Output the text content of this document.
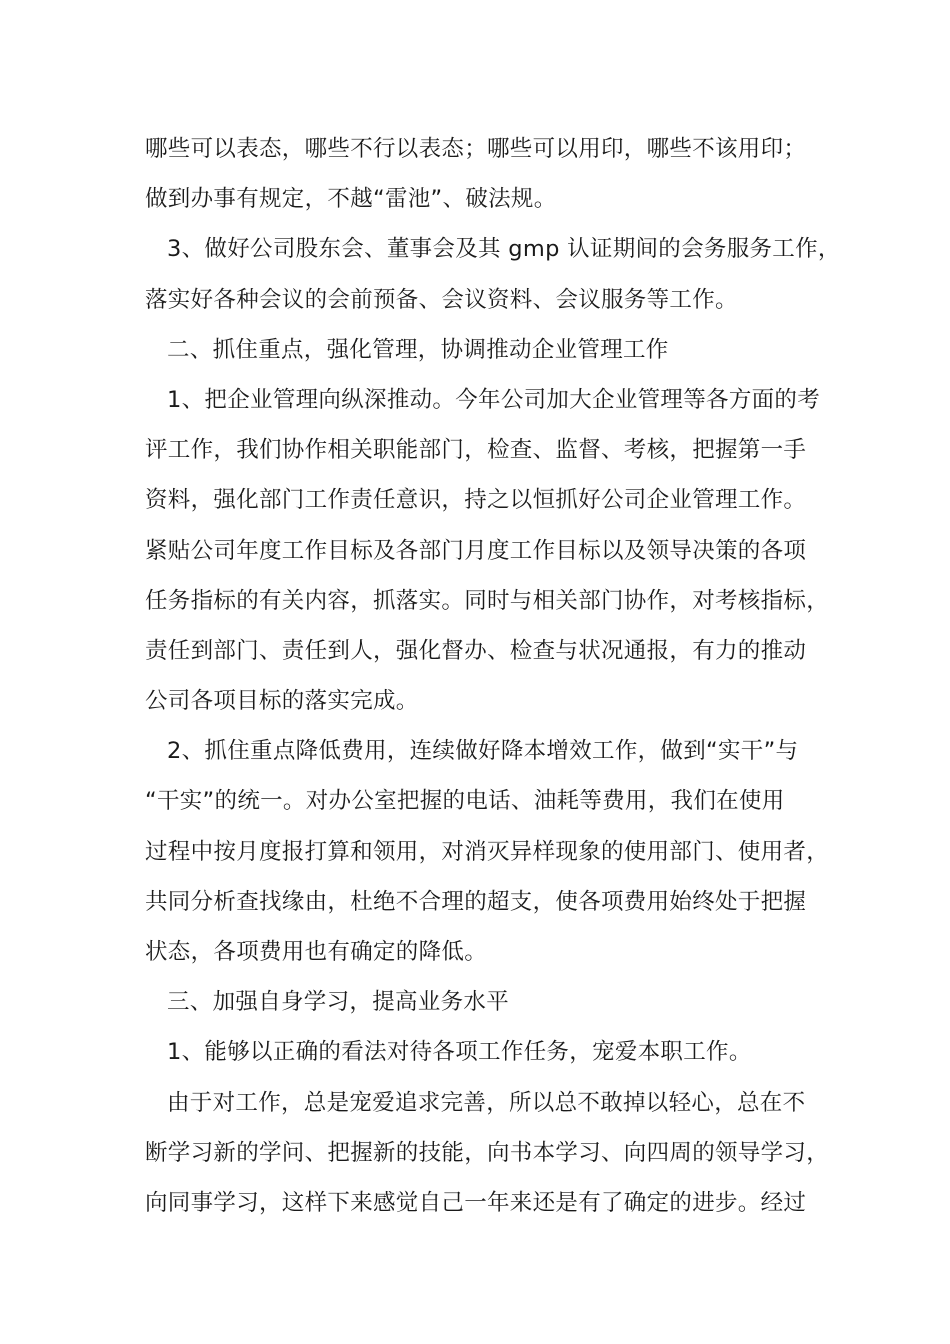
哪些可以表态，哪些不行以表态；哪些可以用印，哪些不该用印；
做到办事有规定，不越“雷池”、破法规。
3、做好公司股东会、董事会及其 gmp 认证期间的会务服务工作，
落实好各种会议的会前预备、会议资料、会议服务等工作。
二、抓住重点，强化管理，协调推动企业管理工作
1、把企业管理向纵深推动。今年公司加大企业管理等各方面的考
评工作，我们协作相关职能部门，检查、监督、考核，把握第一手
资料，强化部门工作责任意识，持之以恒抓好公司企业管理工作。
紧贴公司年度工作目标及各部门月度工作目标以及领导决策的各项
任务指标的有关内容，抓落实。同时与相关部门协作，对考核指标，
责任到部门、责任到人，强化督办、检查与状况通报，有力的推动
公司各项目标的落实完成。
2、抓住重点降低费用，连续做好降本增效工作，做到“实干”与
“干实”的统一。对办公室把握的电话、油耗等费用，我们在使用
过程中按月度报打算和领用，对消灭异样现象的使用部门、使用者，
共同分析查找缘由，杜绝不合理的超支，使各项费用始终处于把握
状态，各项费用也有确定的降低。
三、加强自身学习，提高业务水平
1、能够以正确的看法对待各项工作任务，宠爱本职工作。
由于对工作，总是宠爱追求完善，所以总不敢掉以轻心，总在不
断学习新的学问、把握新的技能，向书本学习、向四周的领导学习，
向同事学习，这样下来感觉自己一年来还是有了确定的进步。经过
